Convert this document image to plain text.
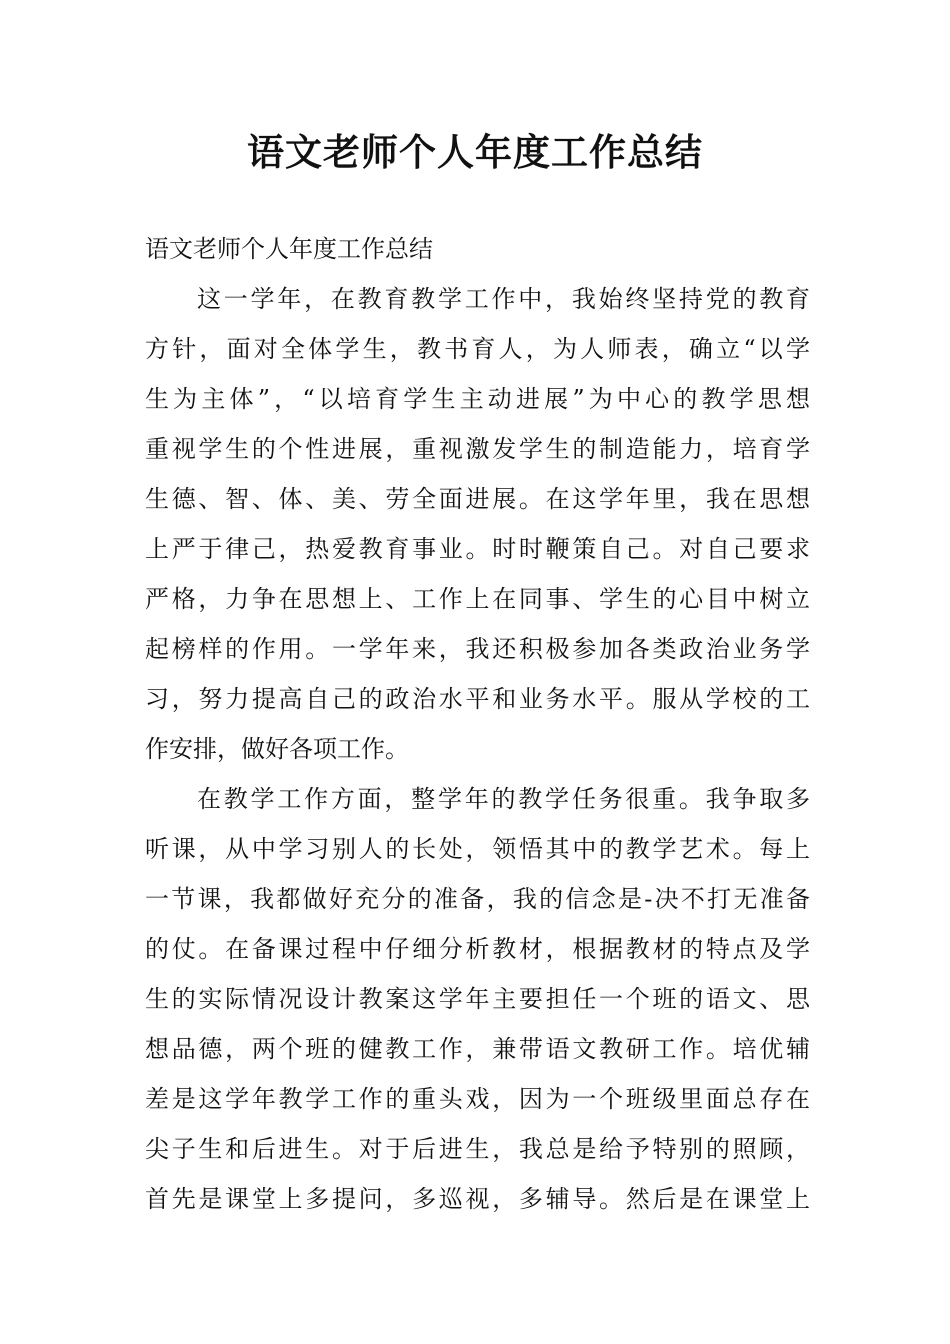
语文老师个人年度工作总结

语文老师个人年度工作总结

这一学年，在教育教学工作中，我始终坚持党的教育
方针，面对全体学生，教书育人，为人师表，确立“以学
生为主体”，“以培育学生主动进展”为中心的教学思想
重视学生的个性进展，重视激发学生的制造能力，培育学
生德、智、体、美、劳全面进展。在这学年里，我在思想
上严于律己，热爱教育事业。时时鞭策自己。对自己要求
严格，力争在思想上、工作上在同事、学生的心目中树立
起榜样的作用。一学年来，我还积极参加各类政治业务学
习，努力提高自己的政治水平和业务水平。服从学校的工
作安排，做好各项工作。
在教学工作方面，整学年的教学任务很重。我争取多
听课，从中学习别人的长处，领悟其中的教学艺术。每上
一节课，我都做好充分的准备，我的信念是-决不打无准备
的仗。在备课过程中仔细分析教材，根据教材的特点及学
生的实际情况设计教案这学年主要担任一个班的语文、思
想品德，两个班的健教工作，兼带语文教研工作。培优辅
差是这学年教学工作的重头戏，因为一个班级里面总存在
尖子生和后进生。对于后进生，我总是给予特别的照顾，
首先是课堂上多提问，多巡视，多辅导。然后是在课堂上
